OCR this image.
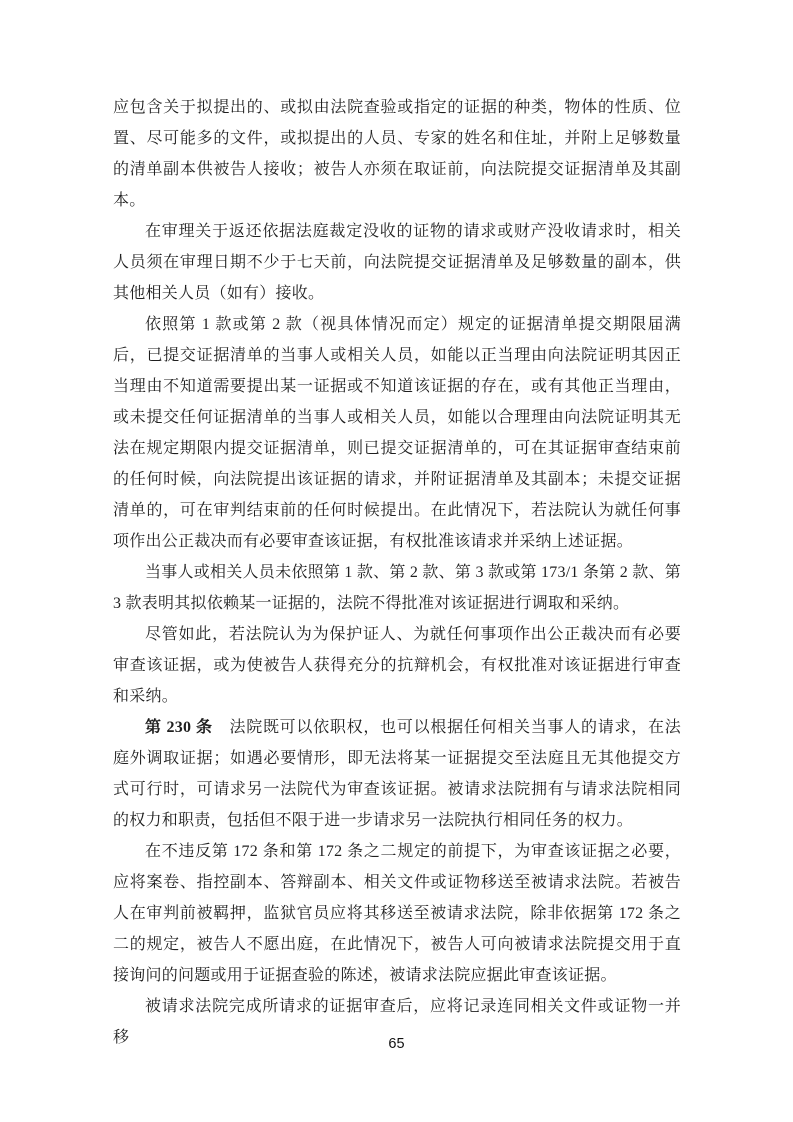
应包含关于拟提出的、或拟由法院查验或指定的证据的种类，物体的性质、位置、尽可能多的文件，或拟提出的人员、专家的姓名和住址，并附上足够数量的清单副本供被告人接收；被告人亦须在取证前，向法院提交证据清单及其副本。

在审理关于返还依据法庭裁定没收的证物的请求或财产没收请求时，相关人员须在审理日期不少于七天前，向法院提交证据清单及足够数量的副本，供其他相关人员（如有）接收。

依照第 1 款或第 2 款（视具体情况而定）规定的证据清单提交期限届满后，已提交证据清单的当事人或相关人员，如能以正当理由向法院证明其因正当理由不知道需要提出某一证据或不知道该证据的存在，或有其他正当理由，或未提交任何证据清单的当事人或相关人员，如能以合理理由向法院证明其无法在规定期限内提交证据清单，则已提交证据清单的，可在其证据审查结束前的任何时候，向法院提出该证据的请求，并附证据清单及其副本；未提交证据清单的，可在审判结束前的任何时候提出。在此情况下，若法院认为就任何事项作出公正裁决而有必要审查该证据，有权批准该请求并采纳上述证据。

当事人或相关人员未依照第 1 款、第 2 款、第 3 款或第 173/1 条第 2 款、第 3 款表明其拟依赖某一证据的，法院不得批准对该证据进行调取和采纳。

尽管如此，若法院认为为保护证人、为就任何事项作出公正裁决而有必要审查该证据，或为使被告人获得充分的抗辩机会，有权批准对该证据进行审查和采纳。

第 230 条　法院既可以依职权，也可以根据任何相关当事人的请求，在法庭外调取证据；如遇必要情形，即无法将某一证据提交至法庭且无其他提交方式可行时，可请求另一法院代为审查该证据。被请求法院拥有与请求法院相同的权力和职责，包括但不限于进一步请求另一法院执行相同任务的权力。

在不违反第 172 条和第 172 条之二规定的前提下，为审查该证据之必要，应将案卷、指控副本、答辩副本、相关文件或证物移送至被请求法院。若被告人在审判前被羁押，监狱官员应将其移送至被请求法院，除非依据第 172 条之二的规定，被告人不愿出庭，在此情况下，被告人可向被请求法院提交用于直接询问的问题或用于证据查验的陈述，被请求法院应据此审查该证据。

被请求法院完成所请求的证据审查后，应将记录连同相关文件或证物一并移	65
